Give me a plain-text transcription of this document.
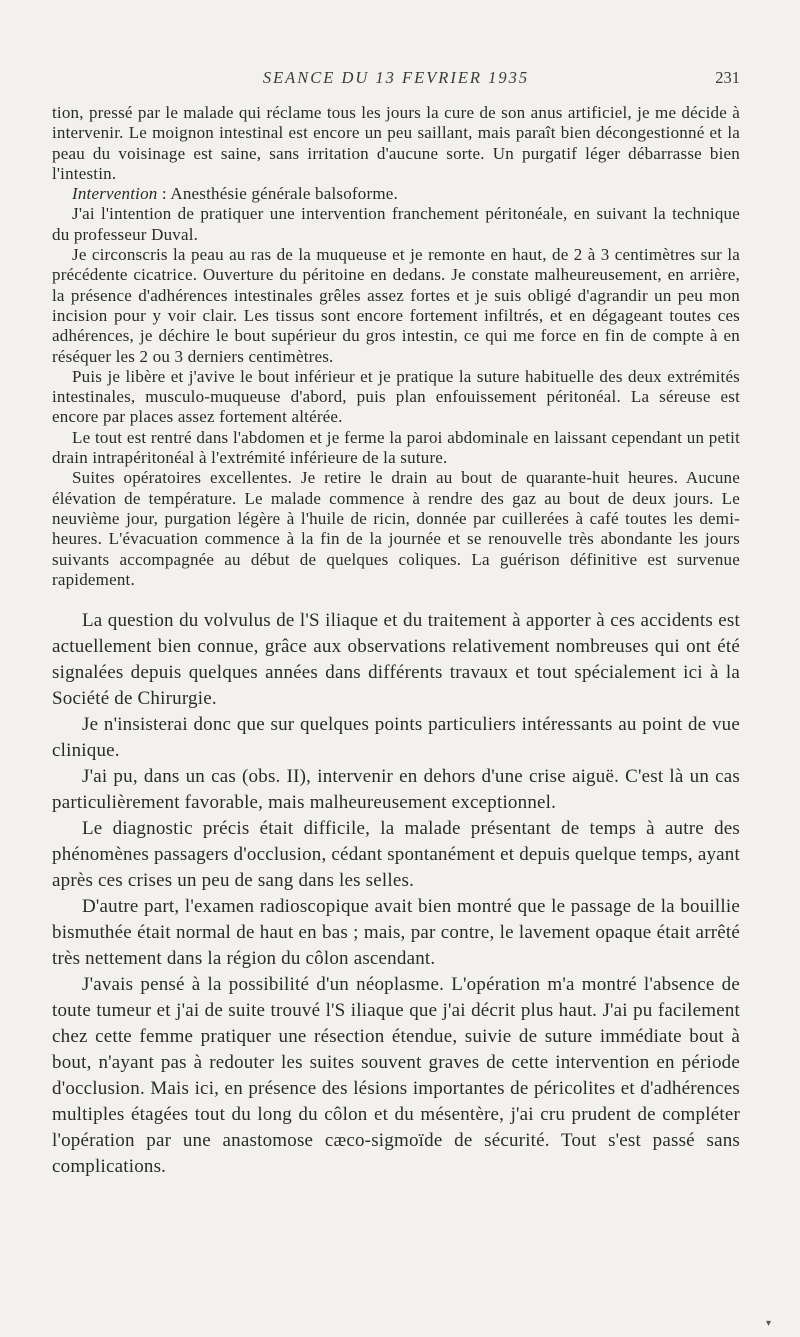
SEANCE DU 13 FEVRIER 1935	231

tion, pressé par le malade qui réclame tous les jours la cure de son anus artificiel, je me décide à intervenir. Le moignon intestinal est encore un peu saillant, mais paraît bien décongestionné et la peau du voisinage est saine, sans irritation d'aucune sorte. Un purgatif léger débarrasse bien l'intestin.

Intervention : Anesthésie générale balsoforme.

J'ai l'intention de pratiquer une intervention franchement péritonéale, en suivant la technique du professeur Duval.

Je circonscris la peau au ras de la muqueuse et je remonte en haut, de 2 à 3 centimètres sur la précédente cicatrice. Ouverture du péritoine en dedans. Je constate malheureusement, en arrière, la présence d'adhérences intestinales grêles assez fortes et je suis obligé d'agrandir un peu mon incision pour y voir clair. Les tissus sont encore fortement infiltrés, et en dégageant toutes ces adhérences, je déchire le bout supérieur du gros intestin, ce qui me force en fin de compte à en réséquer les 2 ou 3 derniers centimètres.

Puis je libère et j'avive le bout inférieur et je pratique la suture habituelle des deux extrémités intestinales, musculo-muqueuse d'abord, puis plan enfouissement péritonéal. La séreuse est encore par places assez fortement altérée.

Le tout est rentré dans l'abdomen et je ferme la paroi abdominale en laissant cependant un petit drain intrapéritonéal à l'extrémité inférieure de la suture.

Suites opératoires excellentes. Je retire le drain au bout de quarante-huit heures. Aucune élévation de température. Le malade commence à rendre des gaz au bout de deux jours. Le neuvième jour, purgation légère à l'huile de ricin, donnée par cuillerées à café toutes les demi-heures. L'évacuation commence à la fin de la journée et se renouvelle très abondante les jours suivants accompagnée au début de quelques coliques. La guérison définitive est survenue rapidement.

La question du volvulus de l'S iliaque et du traitement à apporter à ces accidents est actuellement bien connue, grâce aux observations relativement nombreuses qui ont été signalées depuis quelques années dans différents travaux et tout spécialement ici à la Société de Chirurgie.

Je n'insisterai donc que sur quelques points particuliers intéressants au point de vue clinique.

J'ai pu, dans un cas (obs. II), intervenir en dehors d'une crise aiguë. C'est là un cas particulièrement favorable, mais malheureusement exceptionnel.

Le diagnostic précis était difficile, la malade présentant de temps à autre des phénomènes passagers d'occlusion, cédant spontanément et depuis quelque temps, ayant après ces crises un peu de sang dans les selles.

D'autre part, l'examen radioscopique avait bien montré que le passage de la bouillie bismuthée était normal de haut en bas ; mais, par contre, le lavement opaque était arrêté très nettement dans la région du côlon ascendant.

J'avais pensé à la possibilité d'un néoplasme. L'opération m'a montré l'absence de toute tumeur et j'ai de suite trouvé l'S iliaque que j'ai décrit plus haut. J'ai pu facilement chez cette femme pratiquer une résection étendue, suivie de suture immédiate bout à bout, n'ayant pas à redouter les suites souvent graves de cette intervention en période d'occlusion. Mais ici, en présence des lésions importantes de péricolites et d'adhérences multiples étagées tout du long du côlon et du mésentère, j'ai cru prudent de compléter l'opération par une anastomose cæco-sigmoïde de sécurité. Tout s'est passé sans complications.

▾
